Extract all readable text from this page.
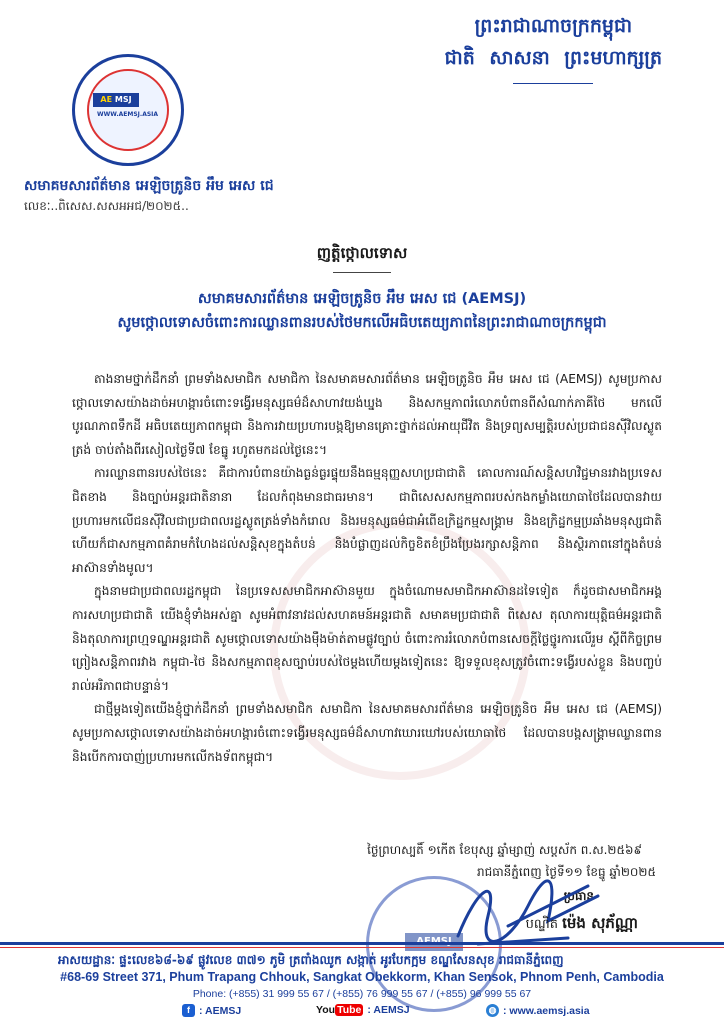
AE MSJ
WWW.AEMSJ.ASIA
ព្រះរាជាណាចក្រកម្ពុជា
ជាតិ សាសនា ព្រះមហាក្សត្រ
សមាគមសារព័ត៌មាន អេឡិចត្រូនិច អឹម អេស ជេ
លេខៈ..ពិសេស.សសអអជ/២០២៥..
ញត្តិថ្កោលទោស
សមាគមសារព័ត៌មាន អេឡិចត្រូនិច អឹម អេស ជេ (AEMSJ)
សូមថ្កោលទោសចំពោះការឈ្លានពានរបស់ថៃមកលើអធិបតេយ្យភាពនៃព្រះរាជាណាចក្រកម្ពុជា

តាងនាមថ្នាក់ដឹកនាំ ព្រមទាំងសមាជិក សមាជិកា នៃសមាគមសារព័ត៌មាន អេឡិចត្រូនិច អឹម អេស ជេ (AEMSJ) សូមប្រកាសថ្កោលទោសយ៉ាងដាច់អហង្ការចំពោះទង្វើរមនុស្សធម៌ដ៏សាហាវយង់ឃ្នង និងសកម្មភាពរំលោភបំពានពីសំណាក់ភាគីថៃ មកលើបូរណភាពទឹកដី អធិបតេយ្យភាពកម្ពុជា និងការវាយប្រហារបង្កឱ្យមានគ្រោះថ្នាក់ដល់អាយុជីវិត និងទ្រព្យសម្បត្តិរបស់ប្រជាជនស៊ីវិលស្លូតត្រង់ ចាប់តាំងពីរសៀលថ្ងៃទី៧ ខែធ្នូ រហូតមកដល់ថ្ងៃនេះ។

ការឈ្លានពានរបស់ថៃនេះ គឺជាការបំពានយ៉ាងធ្ងន់ធ្ងរផ្ទុយនឹងធម្មនុញ្ញសហប្រជាជាតិ គោលការណ៍សន្តិសហវិជ្ជមានរវាងប្រទេសជិតខាង និងច្បាប់អន្តរជាតិនានា ដែលកំពុងមានជាធរមាន។ ជាពិសេសសកម្មភាពរបស់កងកម្លាំងយោធាថៃដែលបានវាយប្រហារមកលើជនស៊ីវិលជាប្រជាពលរដ្ឋស្លូតត្រង់ទាំងកំរោល និងរមនុស្សធម៌ជាអំពើឧក្រិដ្ឋកម្មសង្គ្រាម និងឧក្រិដ្ឋកម្មប្រឆាំងមនុស្សជាតិ ហើយក៏ជាសកម្មភាពគំរាមកំហែងដល់សន្តិសុខក្នុងតំបន់ និងបំផ្លាញដល់កិច្ចខិតខំប្រឹងប្រែងរក្សាសន្តិភាព និងស្ថិរភាពនៅក្នុងតំបន់អាស៊ានទាំងមូល។

ក្នុងនាមជាប្រជាពលរដ្ឋកម្ពុជា នៃប្រទេសសមាជិកអាស៊ានមួយ ក្នុងចំណោមសមាជិកអាស៊ានដទៃទៀត ក៏ដូចជាសមាជិកអង្គការសហប្រជាជាតិ យើងខ្ញុំទាំងអស់គ្នា សូមអំពាវនាវដល់សហគមន៍អន្តរជាតិ សមាគមប្រជាជាតិ ពិសេស តុលាការយុត្តិធម៌អន្តរជាតិ និងតុលាការព្រហ្មទណ្ឌអន្តរជាតិ សូមថ្កោលទោសយ៉ាងម៉ឺងម៉ាត់តាមផ្លូវច្បាប់ ចំពោះការរំលោភបំពានសេចក្តីថ្លៃថ្នូរការលើរួម ស្តីពីកិច្ចព្រមព្រៀងសន្តិភាពរវាង កម្ពុជា-ថៃ និងសកម្មភាពខុសច្បាប់របស់ថៃម្តងហើយម្តងទៀតនេះ ឱ្យទទួលខុសត្រូវចំពោះទង្វើរបស់ខ្លួន និងបញ្ចប់រាល់អរិភាពជាបន្ទាន់។

ជាថ្មីម្តងទៀតយើងខ្ញុំថ្នាក់ដឹកនាំ ព្រមទាំងសមាជិក សមាជិកា នៃសមាគមសារព័ត៌មាន អេឡិចត្រូនិច អឹម អេស ជេ (AEMSJ) សូមប្រកាសថ្កោលទោសយ៉ាងដាច់អហង្ការចំពោះទង្វើរមនុស្សធម៌ដ៏សាហាវឃោរឃៅរបស់យោធាថៃ ដែលបានបង្កសង្គ្រាមឈ្លានពាន និងបើកការបាញ់ប្រហារមកលើកងទ័ពកម្ពុជា។

ថ្ងៃព្រហស្បតិ៍ ១កើត ខែបុស្ស ឆ្នាំម្សាញ់ សប្តស័ក ព.ស.២៥៦៩
រាជធានីភ្នំពេញ ថ្ងៃទី១១ ខែធ្នូ ឆ្នាំ២០២៥
ប្រធាន
AEMSJ
បណ្ឌិត ម៉េង សុភ័ណ្ណា
អាសយដ្ឋានៈ ផ្ទះលេខ៦៨-៦៩ ផ្លូវលេខ ៣៧១ ភូមិ ត្រពាំងឈូក សង្កាត់ អូរបែកក្អម ខណ្ឌសែនសុខ រាជធានីភ្នំពេញ
#68-69 Street 371, Phum Trapang Chhouk, Sangkat Obekkorm, Khan Sensok, Phnom Penh, Cambodia
Phone: (+855) 31 999 55 67 / (+855) 76 999 55 67 / (+855) 96 999 55 67
f : AEMSJ	You Tube : AEMSJ	◍ : www.aemsj.asia
